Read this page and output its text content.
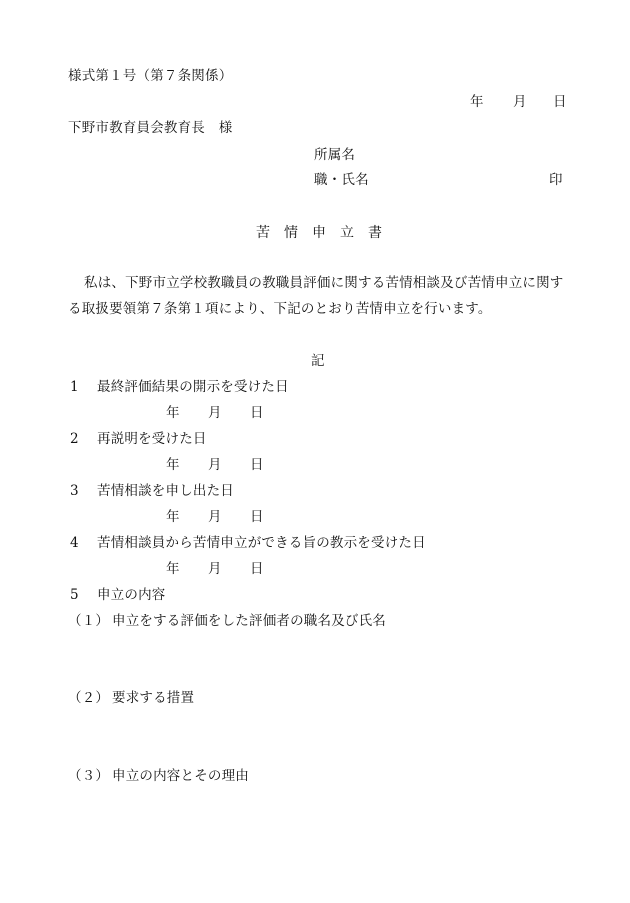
様式第１号（第７条関係）
年 月 日
下野市教育員会教育長　様
所属名
職・氏名	印
苦情申立書
私は、下野市立学校教職員の教職員評価に関する苦情相談及び苦情申立に関す
る取扱要領第７条第１項により、下記のとおり苦情申立を行います。
記
1 最終評価結果の開示を受けた日
年 月 日
2 再説明を受けた日
年 月 日
3 苦情相談を申し出た日
年 月 日
4 苦情相談員から苦情申立ができる旨の教示を受けた日
年 月 日
5 申立の内容
（１） 申立をする評価をした評価者の職名及び氏名
（２） 要求する措置
（３） 申立の内容とその理由
